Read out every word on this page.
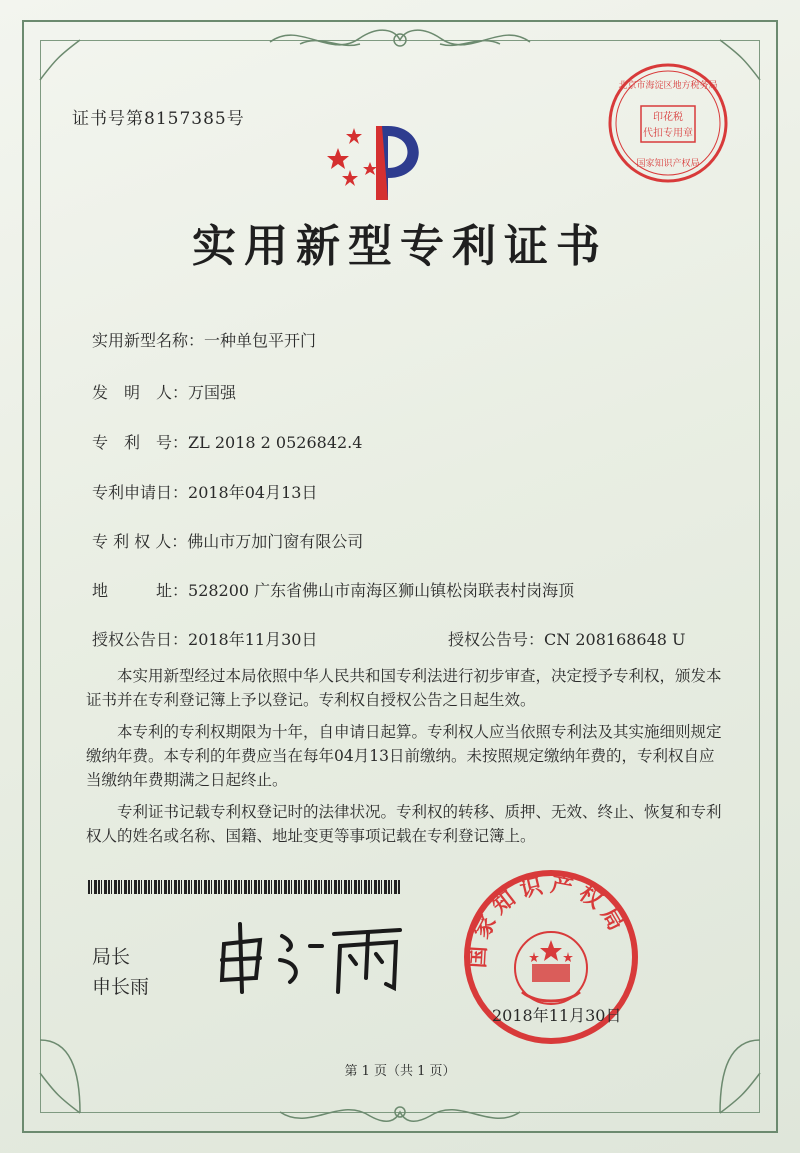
证书号第8157385号
实用新型专利证书
实用新型名称：一种单包平开门
发　明　人：万国强
专　利　号：ZL 2018 2 0526842.4
专利申请日：2018年04月13日
专 利 权 人：佛山市万加门窗有限公司
地　　　址：528200 广东省佛山市南海区狮山镇松岗联表村岗海顶
授权公告日：2018年11月30日	授权公告号：CN 208168648 U

本实用新型经过本局依照中华人民共和国专利法进行初步审查，决定授予专利权，颁发本证书并在专利登记簿上予以登记。专利权自授权公告之日起生效。

本专利的专利权期限为十年，自申请日起算。专利权人应当依照专利法及其实施细则规定缴纳年费。本专利的年费应当在每年04月13日前缴纳。未按照规定缴纳年费的，专利权自应当缴纳年费期满之日起终止。

专利证书记载专利权登记时的法律状况。专利权的转移、质押、无效、终止、恢复和专利权人的姓名或名称、国籍、地址变更等事项记载在专利登记簿上。

局长
申长雨
印花税
代扣专用章
北京市海淀区地方税务局
国家知识产权局
国家知识产权局
2018年11月30日
第 1 页（共 1 页）
